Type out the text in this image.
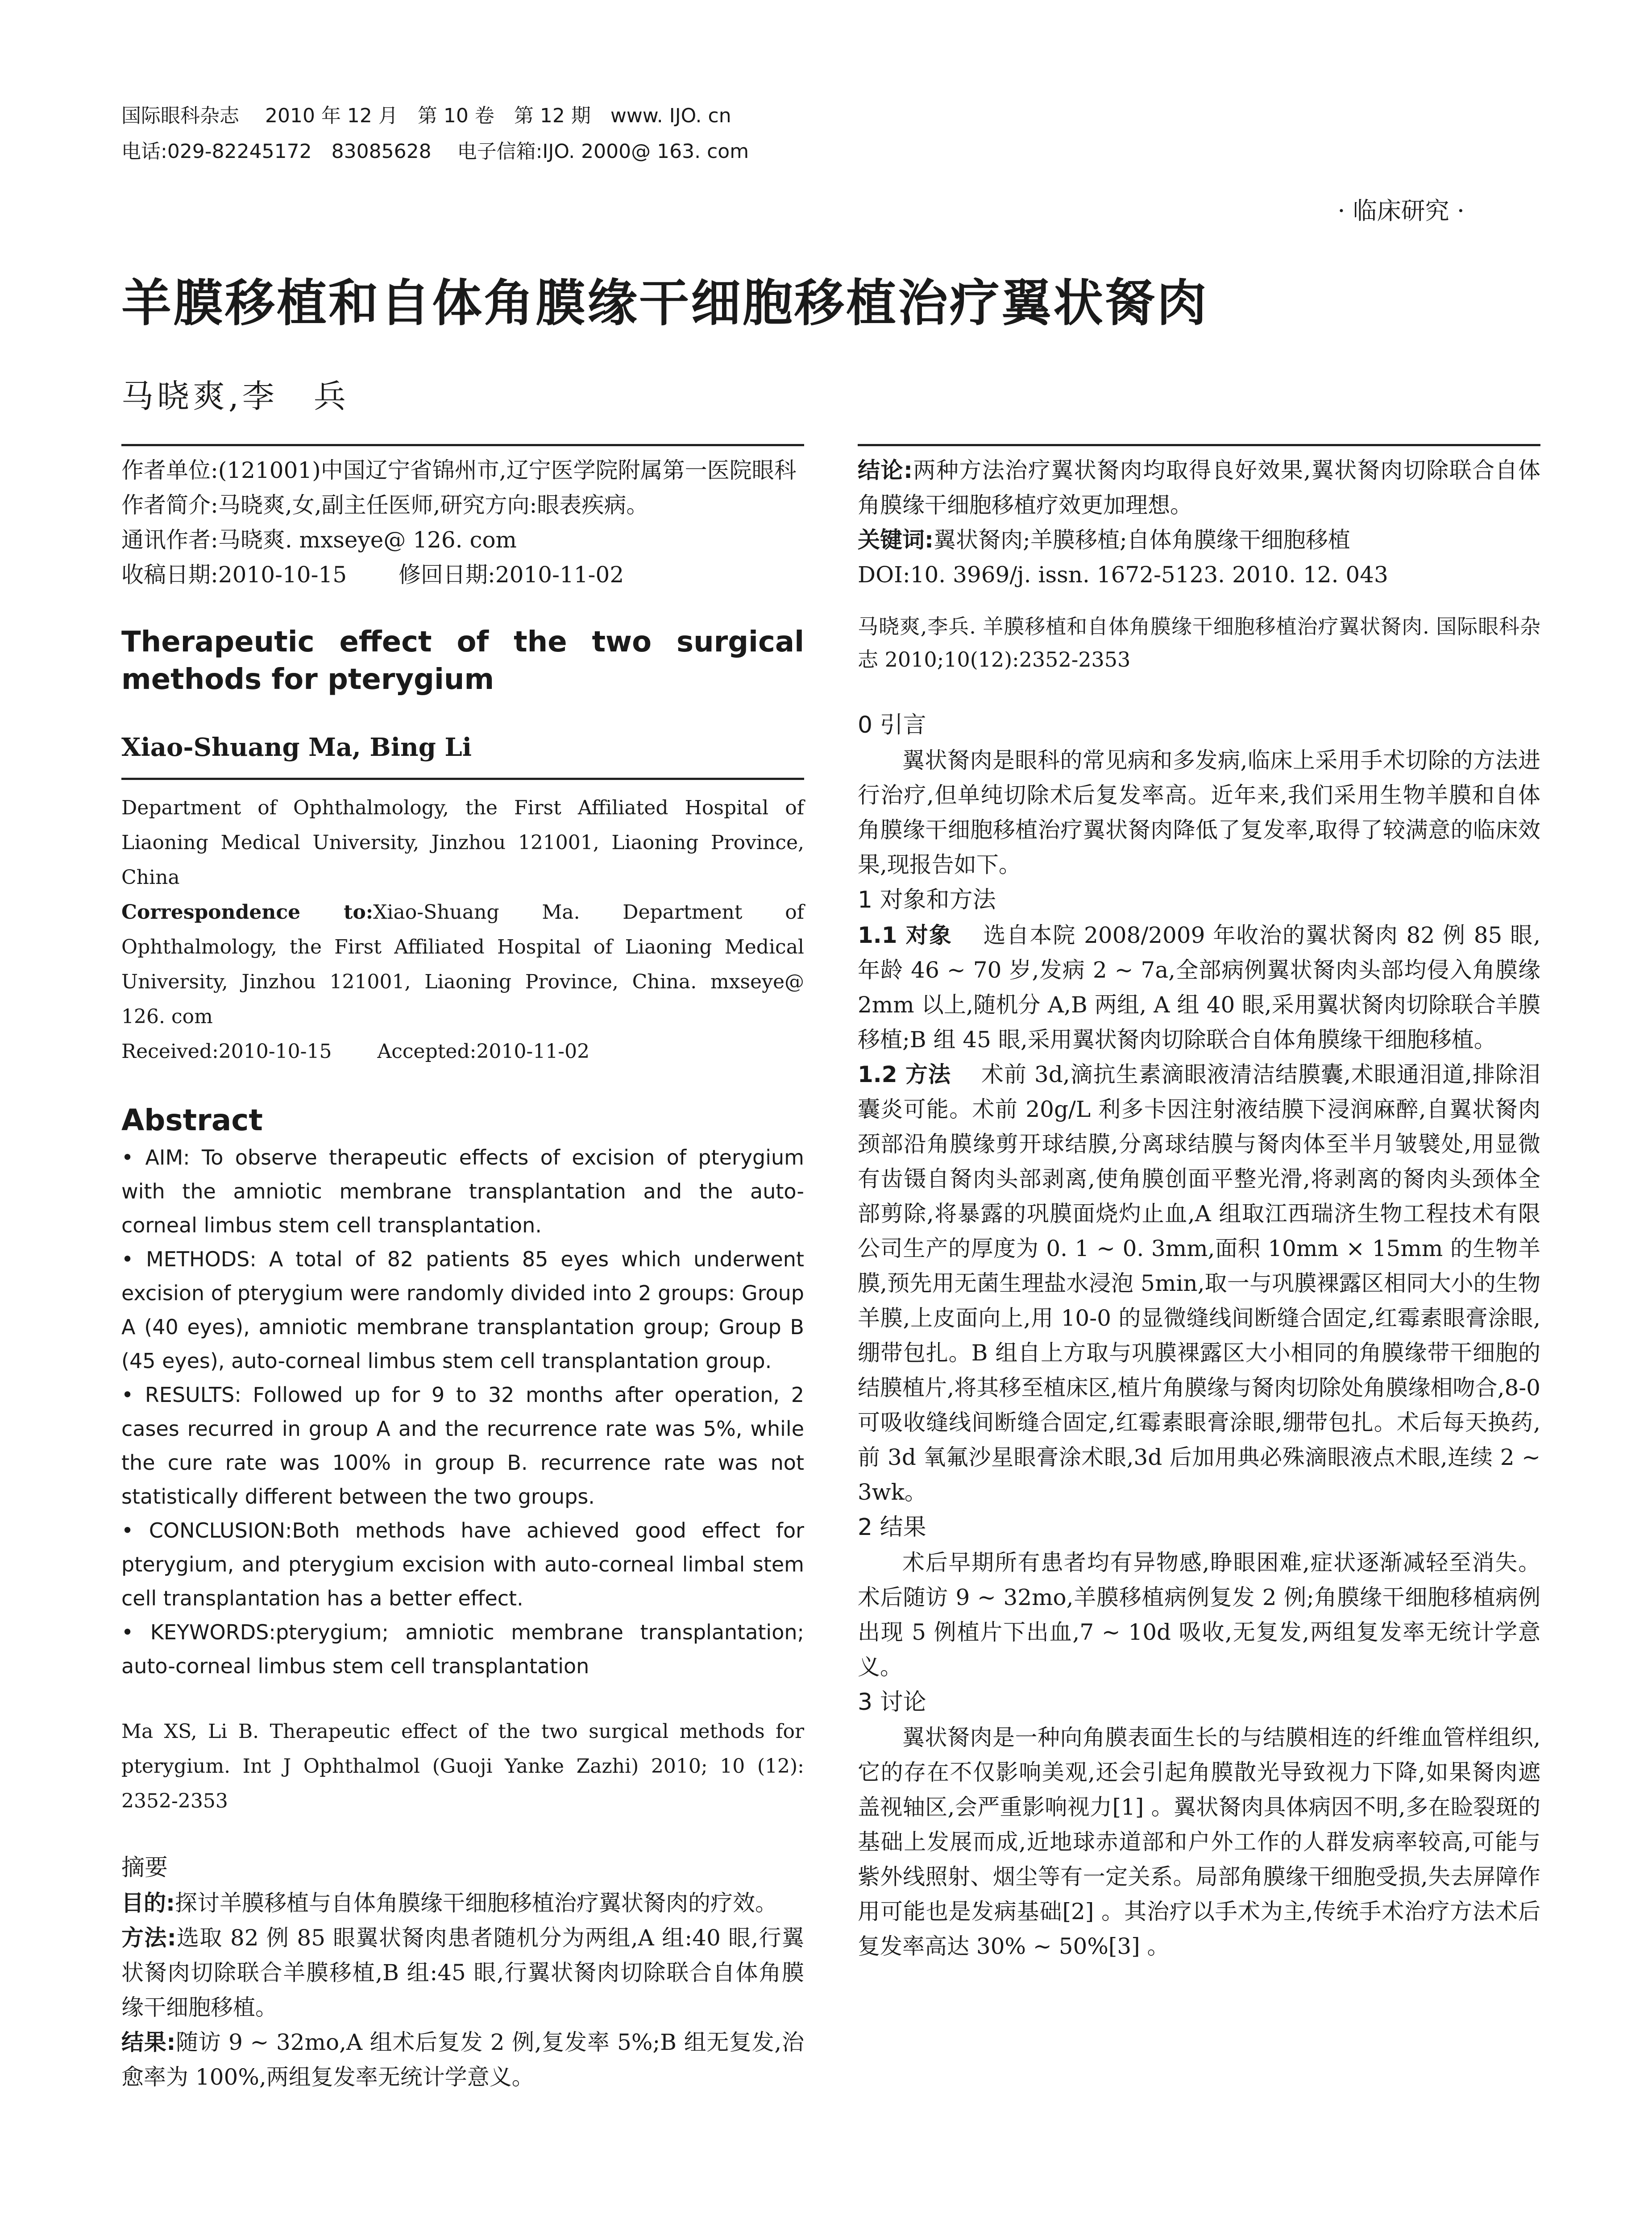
国际眼科杂志　 2010 年 12 月　第 10 卷　第 12 期　www. IJO. cn
电话:029-82245172　83085628　 电子信箱:IJO. 2000@ 163. com
· 临床研究 ·
羊膜移植和自体角膜缘干细胞移植治疗翼状胬肉
马晓爽,李　兵

作者单位:(121001)中国辽宁省锦州市,辽宁医学院附属第一医院眼科

作者简介:马晓爽,女,副主任医师,研究方向:眼表疾病。

通讯作者:马晓爽. mxseye@ 126. com

收稿日期:2010-10-15　　 修回日期:2010-11-02

Therapeutic effect of the two surgical methods for pterygium

Xiao-Shuang Ma, Bing Li

Department of Ophthalmology, the First Affiliated Hospital of Liaoning Medical University, Jinzhou 121001, Liaoning Province, China

Correspondence to:Xiao-Shuang Ma. Department of Ophthalmology, the First Affiliated Hospital of Liaoning Medical University, Jinzhou 121001, Liaoning Province, China. mxseye@ 126. com

Received:2010-10-15　　 Accepted:2010-11-02

Abstract

• AIM: To observe therapeutic effects of excision of pterygium with the amniotic membrane transplantation and the auto-corneal limbus stem cell transplantation.

• METHODS: A total of 82 patients 85 eyes which underwent excision of pterygium were randomly divided into 2 groups: Group A (40 eyes), amniotic membrane transplantation group; Group B (45 eyes), auto-corneal limbus stem cell transplantation group.

• RESULTS: Followed up for 9 to 32 months after operation, 2 cases recurred in group A and the recurrence rate was 5%, while the cure rate was 100% in group B. recurrence rate was not statistically different between the two groups.

• CONCLUSION:Both methods have achieved good effect for pterygium, and pterygium excision with auto-corneal limbal stem cell transplantation has a better effect.

• KEYWORDS:pterygium; amniotic membrane transplantation; auto-corneal limbus stem cell transplantation

Ma XS, Li B. Therapeutic effect of the two surgical methods for pterygium. Int J Ophthalmol (Guoji Yanke Zazhi) 2010; 10 (12): 2352-2353

摘要

目的:探讨羊膜移植与自体角膜缘干细胞移植治疗翼状胬肉的疗效。

方法:选取 82 例 85 眼翼状胬肉患者随机分为两组,A 组:40 眼,行翼状胬肉切除联合羊膜移植,B 组:45 眼,行翼状胬肉切除联合自体角膜缘干细胞移植。

结果:随访 9 ~ 32mo,A 组术后复发 2 例,复发率 5%;B 组无复发,治愈率为 100%,两组复发率无统计学意义。

结论:两种方法治疗翼状胬肉均取得良好效果,翼状胬肉切除联合自体角膜缘干细胞移植疗效更加理想。

关键词:翼状胬肉;羊膜移植;自体角膜缘干细胞移植

DOI:10. 3969/j. issn. 1672-5123. 2010. 12. 043

马晓爽,李兵. 羊膜移植和自体角膜缘干细胞移植治疗翼状胬肉. 国际眼科杂志 2010;10(12):2352-2353

0 引言

翼状胬肉是眼科的常见病和多发病,临床上采用手术切除的方法进行治疗,但单纯切除术后复发率高。近年来,我们采用生物羊膜和自体角膜缘干细胞移植治疗翼状胬肉降低了复发率,取得了较满意的临床效果,现报告如下。

1 对象和方法

1.1 对象　 选自本院 2008/2009 年收治的翼状胬肉 82 例 85 眼,年龄 46 ~ 70 岁,发病 2 ~ 7a,全部病例翼状胬肉头部均侵入角膜缘 2mm 以上,随机分 A,B 两组, A 组 40 眼,采用翼状胬肉切除联合羊膜移植;B 组 45 眼,采用翼状胬肉切除联合自体角膜缘干细胞移植。

1.2 方法　 术前 3d,滴抗生素滴眼液清洁结膜囊,术眼通泪道,排除泪囊炎可能。术前 20g/L 利多卡因注射液结膜下浸润麻醉,自翼状胬肉颈部沿角膜缘剪开球结膜,分离球结膜与胬肉体至半月皱襞处,用显微有齿镊自胬肉头部剥离,使角膜创面平整光滑,将剥离的胬肉头颈体全部剪除,将暴露的巩膜面烧灼止血,A 组取江西瑞济生物工程技术有限公司生产的厚度为 0. 1 ~ 0. 3mm,面积 10mm × 15mm 的生物羊膜,预先用无菌生理盐水浸泡 5min,取一与巩膜裸露区相同大小的生物羊膜,上皮面向上,用 10-0 的显微缝线间断缝合固定,红霉素眼膏涂眼,绷带包扎。B 组自上方取与巩膜裸露区大小相同的角膜缘带干细胞的结膜植片,将其移至植床区,植片角膜缘与胬肉切除处角膜缘相吻合,8-0 可吸收缝线间断缝合固定,红霉素眼膏涂眼,绷带包扎。术后每天换药,前 3d 氧氟沙星眼膏涂术眼,3d 后加用典必殊滴眼液点术眼,连续 2 ~ 3wk。

2 结果

术后早期所有患者均有异物感,睁眼困难,症状逐渐减轻至消失。术后随访 9 ~ 32mo,羊膜移植病例复发 2 例;角膜缘干细胞移植病例出现 5 例植片下出血,7 ~ 10d 吸收,无复发,两组复发率无统计学意义。

3 讨论

翼状胬肉是一种向角膜表面生长的与结膜相连的纤维血管样组织,它的存在不仅影响美观,还会引起角膜散光导致视力下降,如果胬肉遮盖视轴区,会严重影响视力[1] 。翼状胬肉具体病因不明,多在睑裂斑的基础上发展而成,近地球赤道部和户外工作的人群发病率较高,可能与紫外线照射、烟尘等有一定关系。局部角膜缘干细胞受损,失去屏障作用可能也是发病基础[2] 。其治疗以手术为主,传统手术治疗方法术后复发率高达 30% ~ 50%[3] 。
